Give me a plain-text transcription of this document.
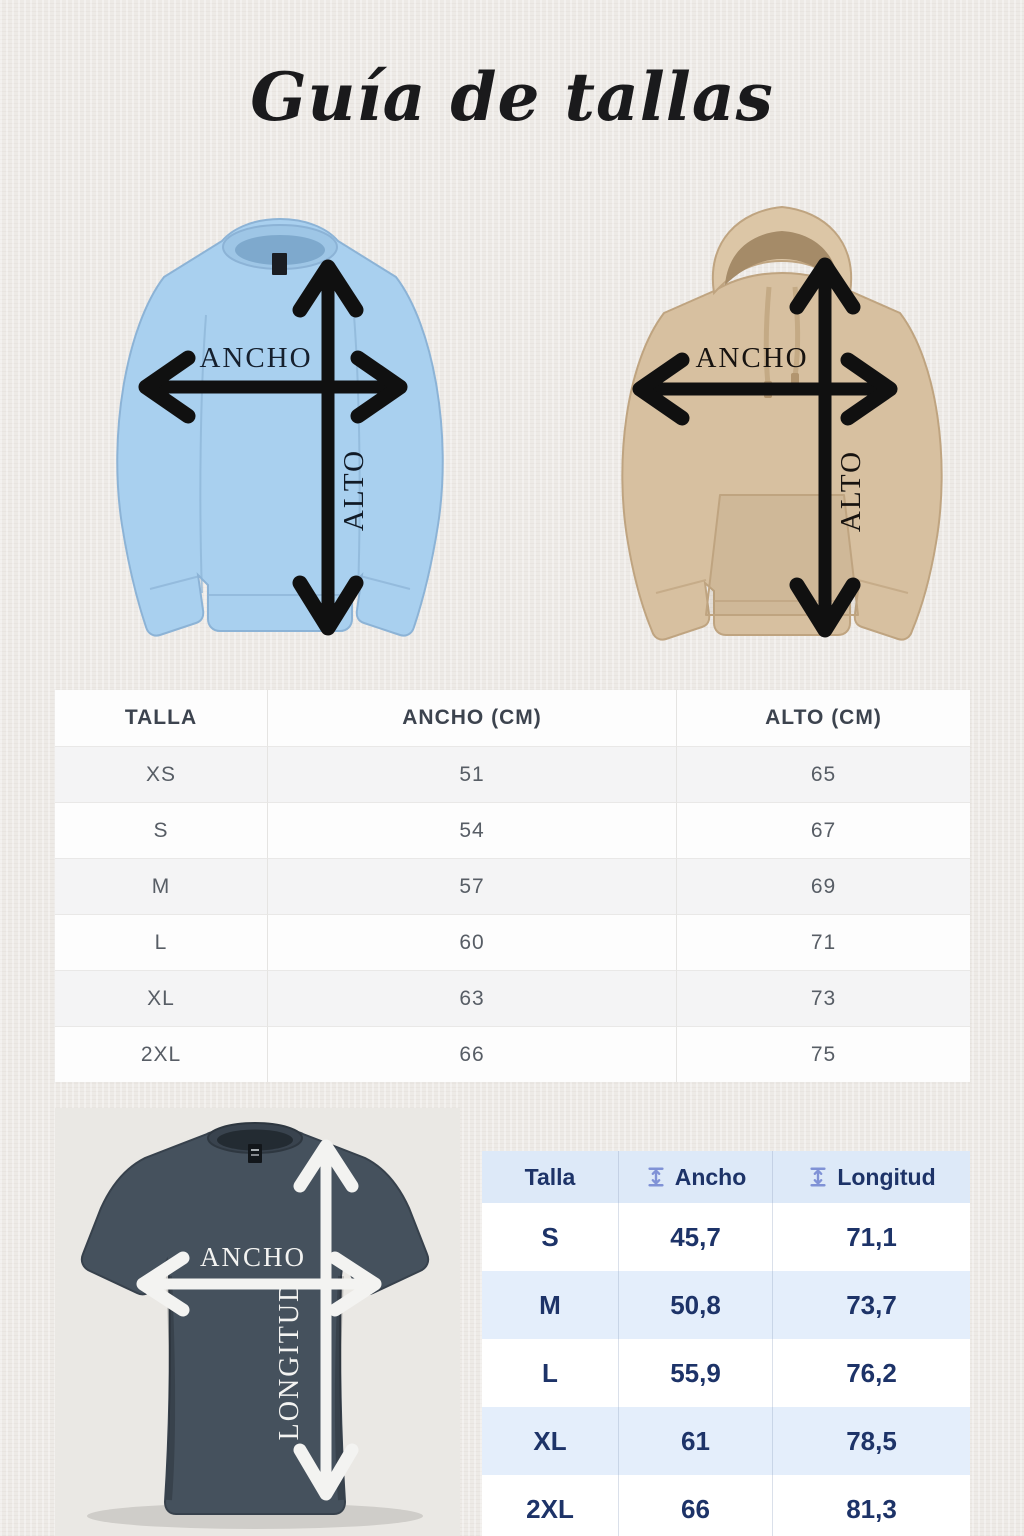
Guía de tallas
ANCHO
ALTO
ANCHO
ALTO
TALLA	ANCHO (CM)	ALTO (CM)
XS	51	65
S	54	67
M	57	69
L	60	71
XL	63	73
2XL	66	75
ANCHO
LONGITUD
Talla	Ancho	Longitud
S	45,7	71,1
M	50,8	73,7
L	55,9	76,2
XL	61	78,5
2XL	66	81,3
